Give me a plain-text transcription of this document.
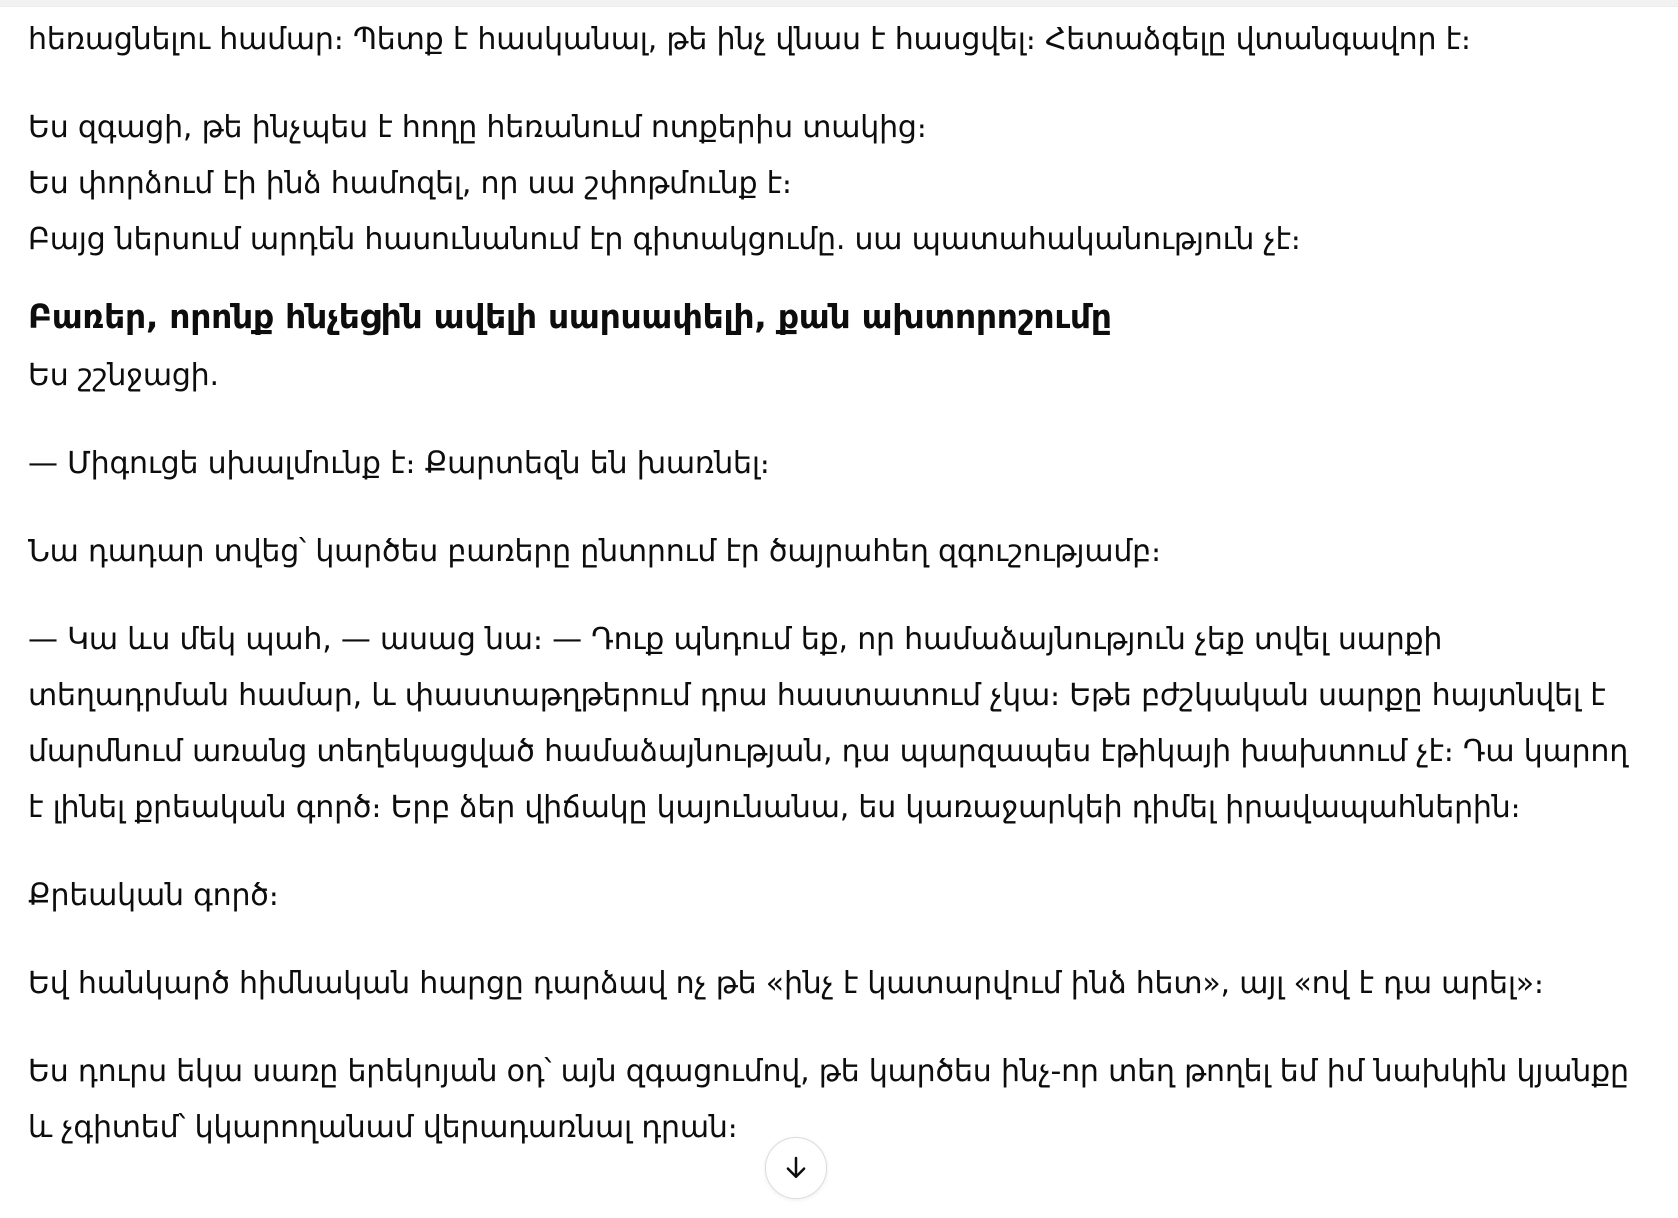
հեռացնելու համար։ Պետք է հասկանալ, թե ինչ վնաս է հասցվել։ Հետաձգելը վտանգավոր է։
Ես զգացի, թե ինչպես է հողը հեռանում ոտքերիս տակից։
Ես փորձում էի ինձ համոզել, որ սա շփոթմունք է։
Բայց ներսում արդեն հասունանում էր գիտակցումը. սա պատահականություն չէ։
Բառեր, որոնք հնչեցին ավելի սարսափելի, քան ախտորոշումը
Ես շշնջացի.
— Միգուցե սխալմունք է։ Քարտեզն են խառնել։
Նա դադար տվեց՝ կարծես բառերը ընտրում էր ծայրահեղ զգուշությամբ։
— Կա ևս մեկ պահ, — ասաց նա։ — Դուք պնդում եք, որ համաձայնություն չեք տվել սարքի
տեղադրման համար, և փաստաթղթերում դրա հաստատում չկա։ Եթե բժշկական սարքը հայտնվել է
մարմնում առանց տեղեկացված համաձայնության, դա պարզապես էթիկայի խախտում չէ։ Դա կարող
է լինել քրեական գործ։ Երբ ձեր վիճակը կայունանա, ես կառաջարկեի դիմել իրավապահներին։
Քրեական գործ։
Եվ հանկարծ հիմնական հարցը դարձավ ոչ թե «ինչ է կատարվում ինձ հետ», այլ «ով է դա արել»։
Ես դուրս եկա սառը երեկոյան օդ՝ այն զգացումով, թե կարծես ինչ-որ տեղ թողել եմ իմ նախկին կյանքը
և չգիտեմ՝ կկարողանամ վերադառնալ դրան։
